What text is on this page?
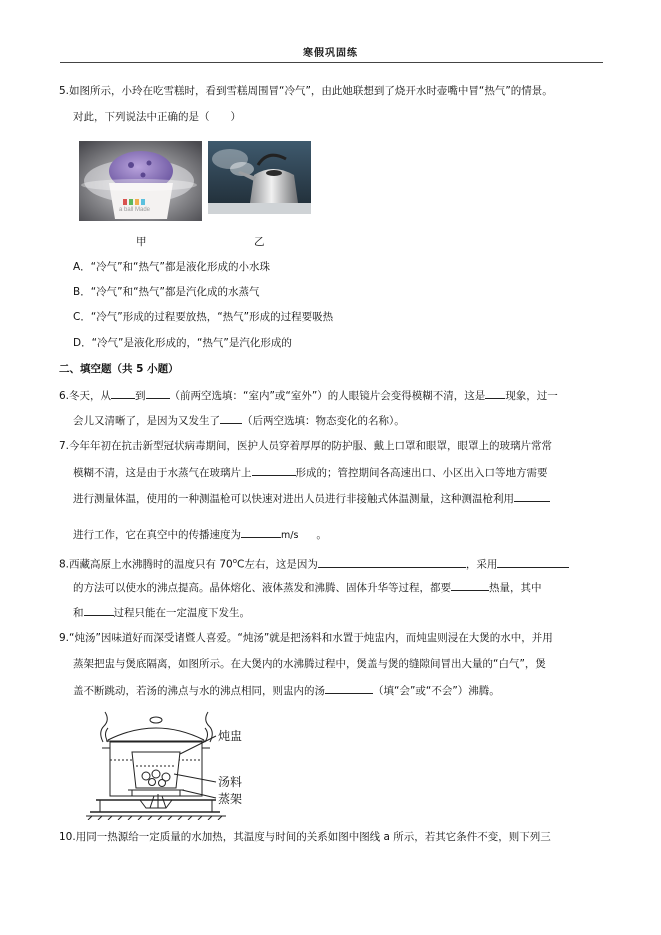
寒假巩固练
5.如图所示，小玲在吃雪糕时，看到雪糕周围冒“冷气”，由此她联想到了烧开水时壶嘴中冒“热气”的情景。
对此，下列说法中正确的是（　　）
a ball Made
甲	乙
A．“冷气”和“热气”都是液化形成的小水珠
B．“冷气”和“热气”都是汽化成的水蒸气
C．“冷气”形成的过程要放热，“热气”形成的过程要吸热
D．“冷气”是液化形成的，“热气”是汽化形成的
二、填空题（共 5 小题）
6.冬天，从 到 （前两空选填：“室内”或“室外”）的人眼镜片会变得模糊不清，这是 现象，过一
会儿又清晰了，是因为又发生了 （后两空选填：物态变化的名称）。
7.今年年初在抗击新型冠状病毒期间，医护人员穿着厚厚的防护服、戴上口罩和眼罩，眼罩上的玻璃片常常
模糊不清，这是由于水蒸气在玻璃片上	形成的；管控期间各高速出口、小区出入口等地方需要
进行测量体温，使用的一种测温枪可以快速对进出人员进行非接触式体温测量，这种测温枪利用
进行工作，它在真空中的传播速度为	m/s 。
8.西藏高原上水沸腾时的温度只有 70$^o$C左右，这是因为	，采用
的方法可以使水的沸点提高。晶体熔化、液体蒸发和沸腾、固体升华等过程，都要	热量，其中
和	过程只能在一定温度下发生。
9.“炖汤”因味道好而深受诸暨人喜爱。“炖汤”就是把汤料和水置于炖盅内，而炖盅则浸在大煲的水中，并用
蒸架把盅与煲底隔离，如图所示。在大煲内的水沸腾过程中，煲盖与煲的缝隙间冒出大量的“白气”，煲
盖不断跳动，若汤的沸点与水的沸点相同，则盅内的汤	（填“会”或“不会”）沸腾。
炖盅
汤料
蒸架
10.用同一热源给一定质量的水加热，其温度与时间的关系如图中图线 a 所示，若其它条件不变，则下列三
